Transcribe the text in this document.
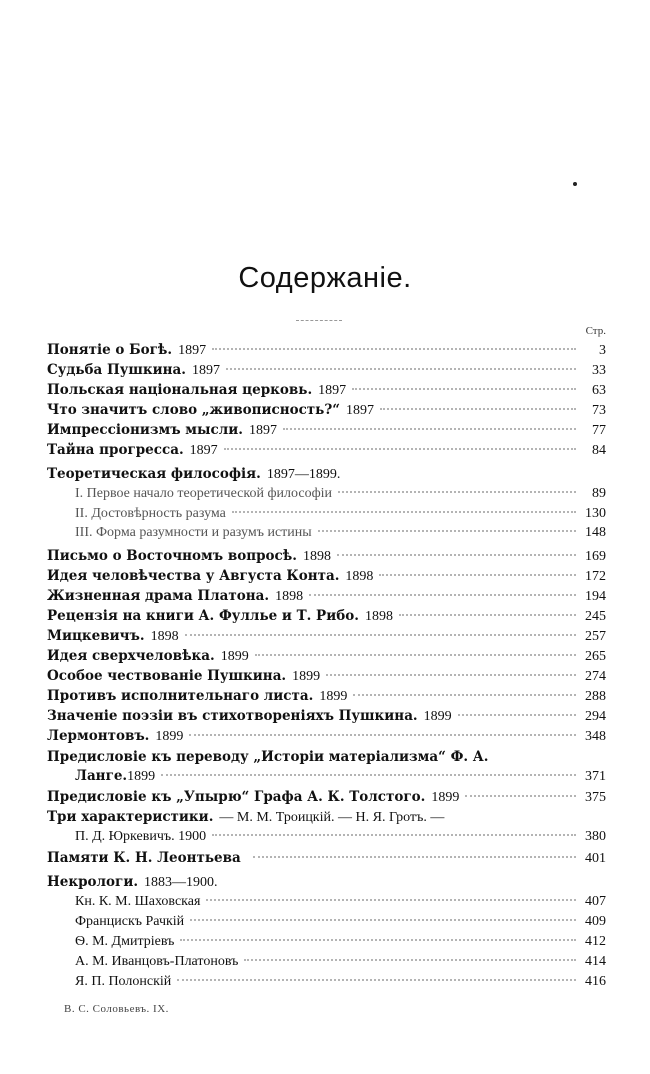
Содержаніе.
Стр.
Понятіе о Богѣ. 1897	3
Судьба Пушкина. 1897	33
Польская національная церковь. 1897	63
Что значитъ слово „живописность?“ 1897	73
Импрессіонизмъ мысли. 1897	77
Тайна прогресса. 1897	84
Теоретическая философія. 1897—1899.
I. Первое начало теоретической философіи	89
II. Достовѣрность разума	130
III. Форма разумности и разумъ истины	148
Письмо о Восточномъ вопросѣ. 1898	169
Идея человѣчества у Августа Конта. 1898	172
Жизненная драма Платона. 1898	194
Рецензія на книги А. Фуллье и Т. Рибо. 1898	245
Мицкевичъ. 1898	257
Идея сверхчеловѣка. 1899	265
Особое чествованіе Пушкина. 1899	274
Противъ исполнительнаго листа. 1899	288
Значеніе поэзіи въ стихотвореніяхъ Пушкина. 1899	294
Лермонтовъ. 1899	348
Предисловіе къ переводу „Исторіи матеріализма“ Ф. А.
Ланге. 1899	371
Предисловіе къ „Упырю“ Графа А. К. Толстого. 1899	375
Три характеристики. — М. М. Троицкій. — Н. Я. Гротъ. —
П. Д. Юркевичъ. 1900	380
Памяти К. Н. Леонтьева	401
Некрологи. 1883—1900.
Кн. К. М. Шаховская	407
Францискъ Рачкій	409
Ѳ. М. Дмитріевъ	412
А. М. Иванцовъ-Платоновъ	414
Я. П. Полонскій	416
В. С. Соловьевъ. IX.
